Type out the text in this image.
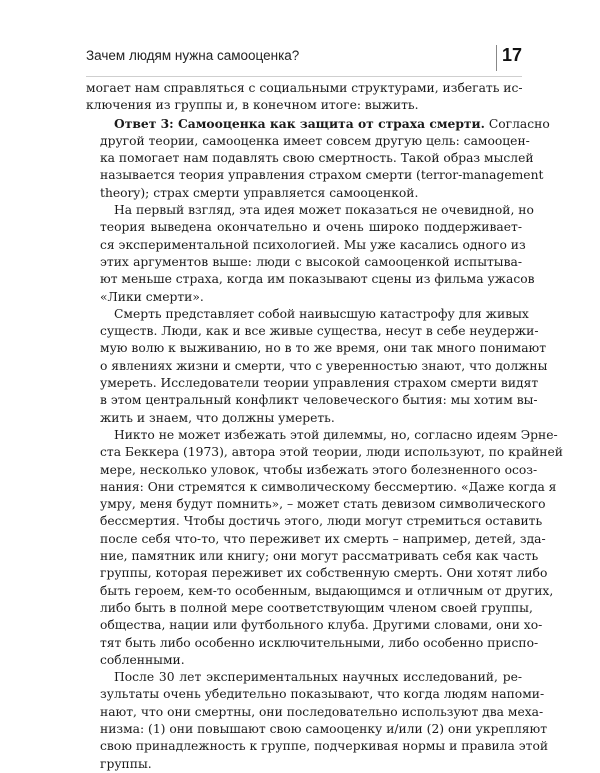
Зачем людям нужна самооценка?	17
могает нам справляться с социальными структурами, избегать ис-
ключения из группы и, в конечном итоге: выжить.
Ответ 3: Самооценка как защита от страха смерти. Согласно
другой теории, самооценка имеет совсем другую цель: самооцен-
ка помогает нам подавлять свою смертность. Такой образ мыслей
называется теория управления страхом смерти (terror-management
theory); страх смерти управляется самооценкой.
На первый взгляд, эта идея может показаться не очевидной, но
теория выведена окончательно и очень широко поддерживает-
ся экспериментальной психологией. Мы уже касались одного из
этих аргументов выше: люди с высокой самооценкой испытыва-
ют меньше страха, когда им показывают сцены из фильма ужасов
«Лики смерти».
Смерть представляет собой наивысшую катастрофу для живых
существ. Люди, как и все живые существа, несут в себе неудержи-
мую волю к выживанию, но в то же время, они так много понимают
о явлениях жизни и смерти, что с уверенностью знают, что должны
умереть. Исследователи теории управления страхом смерти видят
в этом центральный конфликт человеческого бытия: мы хотим вы-
жить и знаем, что должны умереть.
Никто не может избежать этой дилеммы, но, согласно идеям Эрне-
ста Беккера (1973), автора этой теории, люди используют, по крайней
мере, несколько уловок, чтобы избежать этого болезненного осоз-
нания: Они стремятся к символическому бессмертию. «Даже когда я
умру, меня будут помнить», – может стать девизом символического
бессмертия. Чтобы достичь этого, люди могут стремиться оставить
после себя что-то, что переживет их смерть – например, детей, зда-
ние, памятник или книгу; они могут рассматривать себя как часть
группы, которая переживет их собственную смерть. Они хотят либо
быть героем, кем-то особенным, выдающимся и отличным от других,
либо быть в полной мере соответствующим членом своей группы,
общества, нации или футбольного клуба. Другими словами, они хо-
тят быть либо особенно исключительными, либо особенно приспо-
собленными.
После 30 лет экспериментальных научных исследований, ре-
зультаты очень убедительно показывают, что когда людям напоми-
нают, что они смертны, они последовательно используют два меха-
низма: (1) они повышают свою самооценку и/или (2) они укрепляют
свою принадлежность к группе, подчеркивая нормы и правила этой
группы.
